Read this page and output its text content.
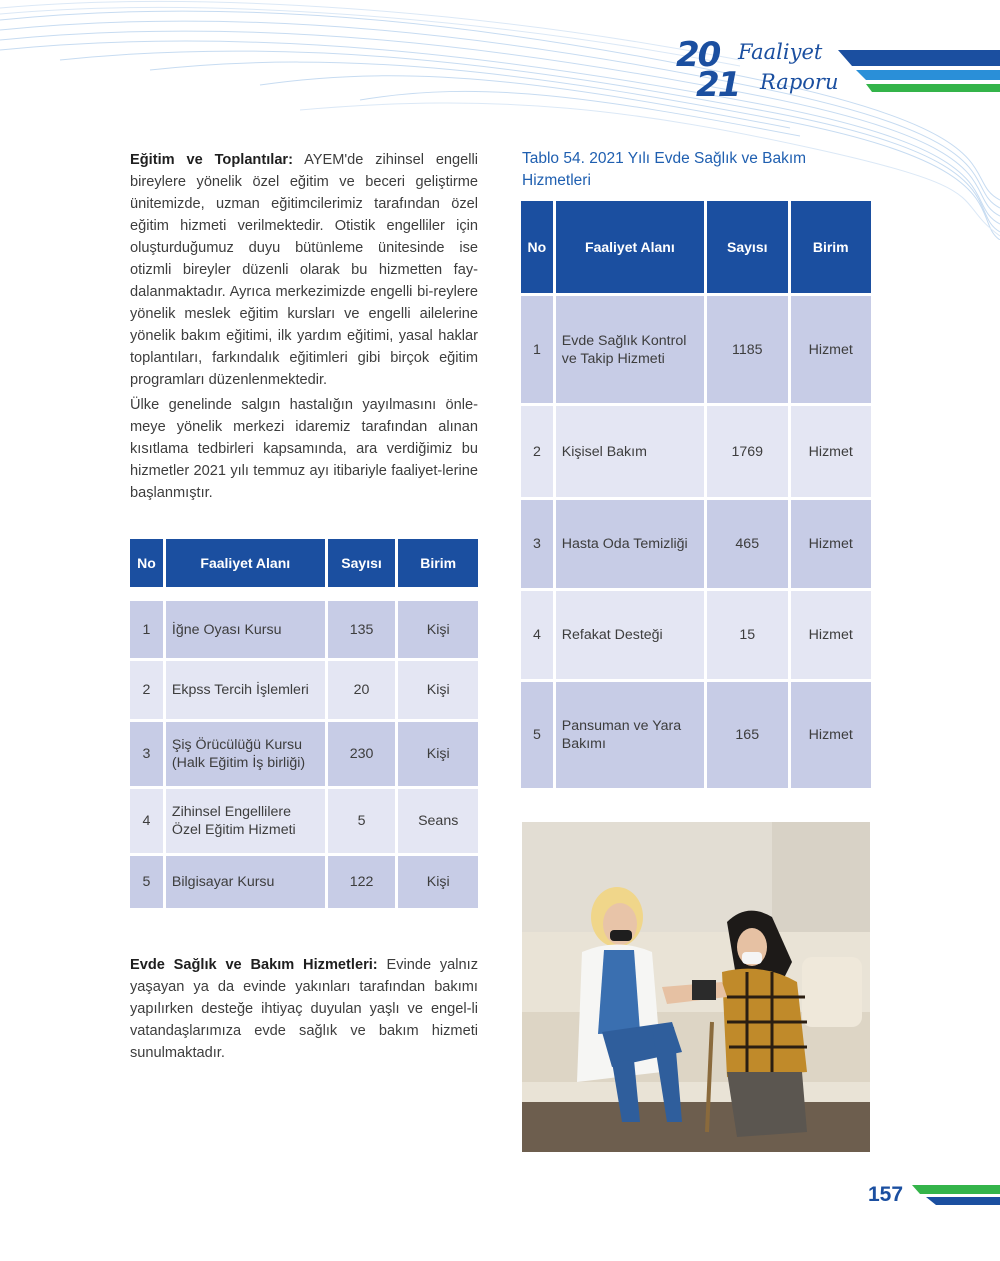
20
21
Faaliyet
Raporu

Eğitim ve Toplantılar: AYEM'de zihinsel engelli bireylere yönelik özel eğitim ve beceri geliştirme ünitemizde, uzman eğitimcilerimiz tarafından özel eğitim hizmeti verilmektedir. Otistik engelliler için oluşturduğumuz duyu bütünleme ünitesinde ise otizmli bireyler düzenli olarak bu hizmetten fay-dalanmaktadır. Ayrıca merkezimizde engelli bi-reylere yönelik meslek eğitim kursları ve engelli ailelerine yönelik bakım eğitimi, ilk yardım eğitimi, yasal haklar toplantıları, farkındalık eğitimleri gibi birçok eğitim programları düzenlenmektedir.

Ülke genelinde salgın hastalığın yayılmasını önle-meye yönelik merkezi idaremiz tarafından alınan kısıtlama tedbirleri kapsamında, ara verdiğimiz bu hizmetler 2021 yılı temmuz ayı itibariyle faaliyet-lerine başlanmıştır.

No	Faaliyet Alanı	Sayısı	Birim

1	İğne Oyası Kursu	135	Kişi
2	Ekpss Tercih İşlemleri	20	Kişi
3	Şiş Örücülüğü Kursu (Halk Eğitim İş birliği)	230	Kişi
4	Zihinsel Engellilere Özel Eğitim Hizmeti	5	Seans
5	Bilgisayar Kursu	122	Kişi

Evde Sağlık ve Bakım Hizmetleri: Evinde yalnız yaşayan ya da evinde yakınları tarafından bakımı yapılırken desteğe ihtiyaç duyulan yaşlı ve engel-li vatandaşlarımıza evde sağlık ve bakım hizmeti sunulmaktadır.

Tablo 54. 2021 Yılı Evde Sağlık ve Bakım Hizmetleri
No	Faaliyet Alanı	Sayısı	Birim
1	Evde Sağlık Kontrol ve Takip Hizmeti	1185	Hizmet
2	Kişisel Bakım	1769	Hizmet
3	Hasta Oda Temizliği	465	Hizmet
4	Refakat Desteği	15	Hizmet
5	Pansuman ve Yara Bakımı	165	Hizmet
157
